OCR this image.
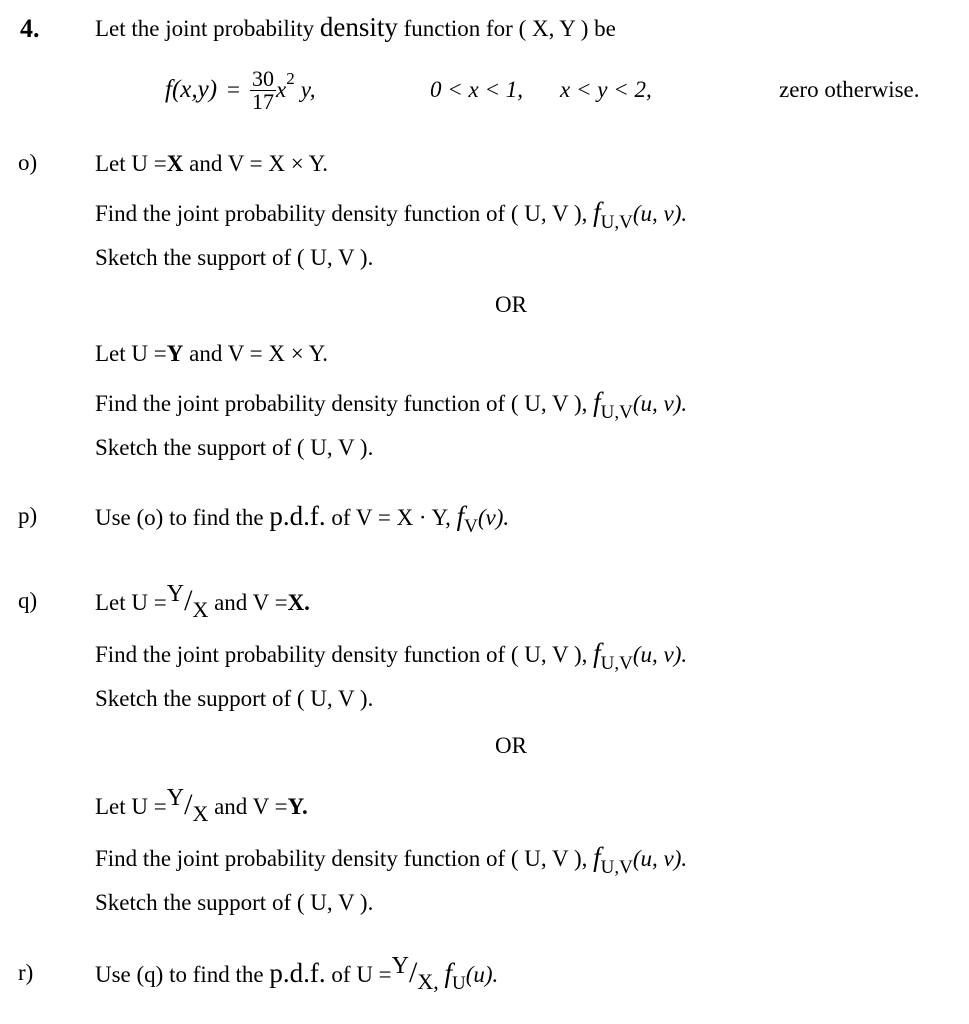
4. Let the joint probability density function for ( X, Y ) be
$f(x,y) = \frac{30}{17}$ x 2 y,	0 < x < 1, x < y < 2,	zero otherwise.
o)	Let U =X and V = X × Y.
Find the joint probability density function of ( U, V ), $f_{U,V}(u$, v).
Sketch the support of ( U, V ).
OR
Let U =Y and V = X × Y.
Find the joint probability density function of ( U, V ), $f_{U,V}(u$, v).
Sketch the support of ( U, V ).
p)	Use (o) to find the p.d.f. of V = X · Y, $f_V(v)$.
q)	Let U =Y/X and V =X.
Find the joint probability density function of ( U, V ), $f_{U,V}(u$, v).
Sketch the support of ( U, V ).
OR
Let U =Y/X and V =Y.
Find the joint probability density function of ( U, V ), $f_{U,V}(u$, v).
Sketch the support of ( U, V ).
r)	Use (q) to find the p.d.f. of U =Y/X, $f_U(u)$.
